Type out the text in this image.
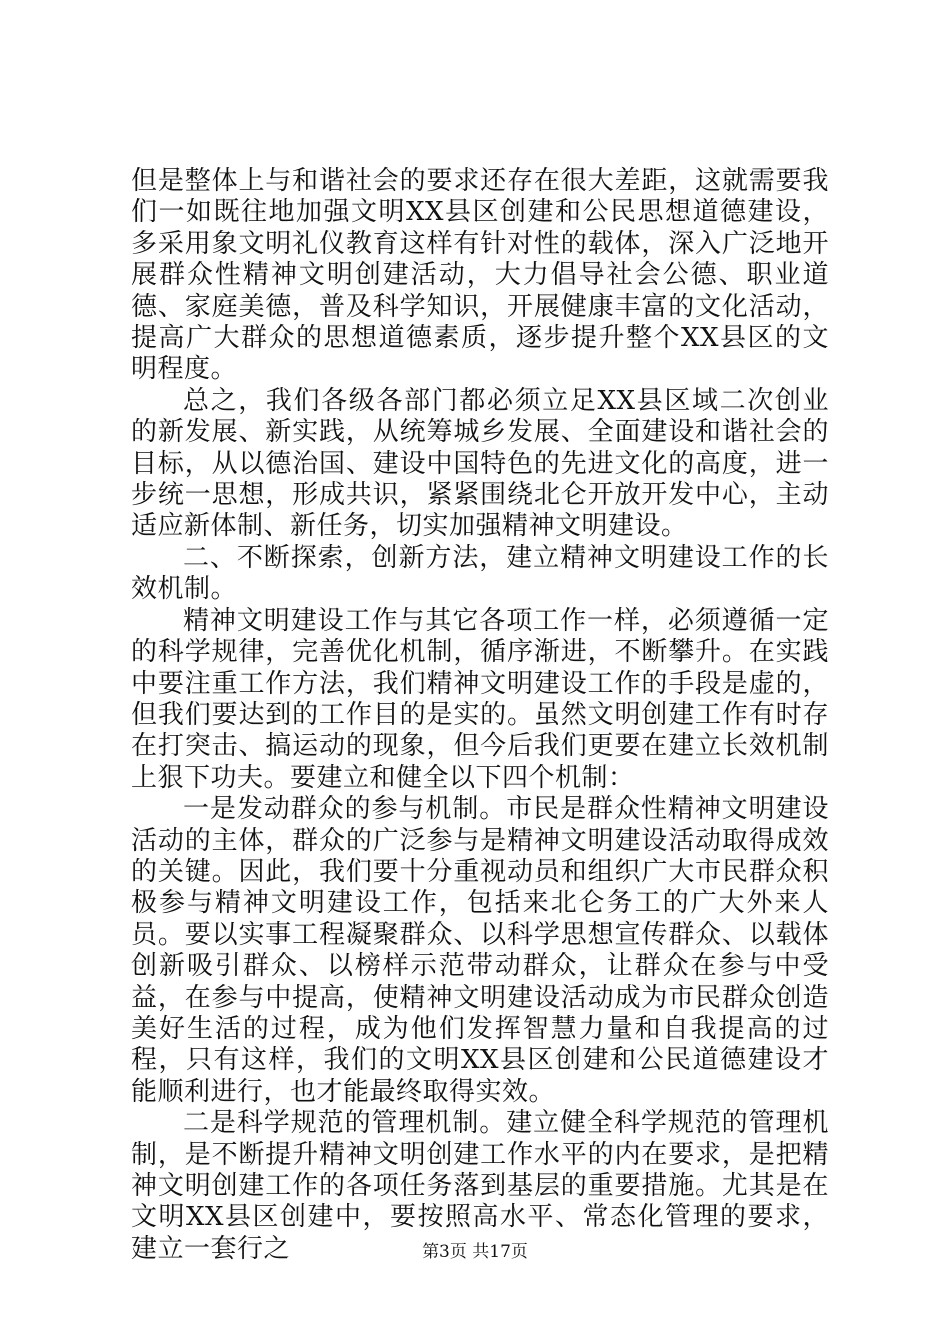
但是整体上与和谐社会的要求还存在很大差距，这就需要我们一如既往地加强文明XX县区创建和公民思想道德建设，多采用象文明礼仪教育这样有针对性的载体，深入广泛地开展群众性精神文明创建活动，大力倡导社会公德、职业道德、家庭美德，普及科学知识，开展健康丰富的文化活动，提高广大群众的思想道德素质，逐步提升整个XX县区的文明程度。

总之，我们各级各部门都必须立足XX县区域二次创业的新发展、新实践，从统筹城乡发展、全面建设和谐社会的目标，从以德治国、建设中国特色的先进文化的高度，进一步统一思想，形成共识，紧紧围绕北仑开放开发中心，主动适应新体制、新任务，切实加强精神文明建设。

二、不断探索，创新方法，建立精神文明建设工作的长效机制。

精神文明建设工作与其它各项工作一样，必须遵循一定的科学规律，完善优化机制，循序渐进，不断攀升。在实践中要注重工作方法，我们精神文明建设工作的手段是虚的，但我们要达到的工作目的是实的。虽然文明创建工作有时存在打突击、搞运动的现象，但今后我们更要在建立长效机制上狠下功夫。要建立和健全以下四个机制：

一是发动群众的参与机制。市民是群众性精神文明建设活动的主体，群众的广泛参与是精神文明建设活动取得成效的关键。因此，我们要十分重视动员和组织广大市民群众积极参与精神文明建设工作，包括来北仑务工的广大外来人员。要以实事工程凝聚群众、以科学思想宣传群众、以载体创新吸引群众、以榜样示范带动群众，让群众在参与中受益，在参与中提高，使精神文明建设活动成为市民群众创造美好生活的过程，成为他们发挥智慧力量和自我提高的过程，只有这样，我们的文明XX县区创建和公民道德建设才能顺利进行，也才能最终取得实效。

二是科学规范的管理机制。建立健全科学规范的管理机制，是不断提升精神文明创建工作水平的内在要求，是把精神文明创建工作的各项任务落到基层的重要措施。尤其是在文明XX县区创建中，要按照高水平、常态化管理的要求，建立一套行之	第3页 共17页
